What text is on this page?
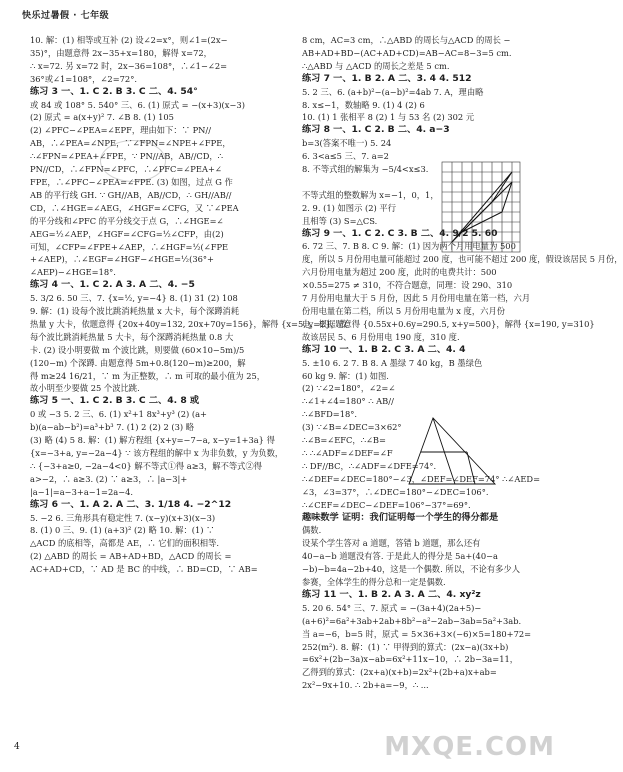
快乐过暑假 · 七年级
10. 解：(1) 相等或互补 (2) 设∠2=x°，则∠1=(2x−
35)°，由题意得 2x−35+x=180，解得 x=72，
∴ x=72. 另 x=72 时，2x−36=108°，∴∠1−∠2=
36°或∠1=108°，∠2=72°.
练习 3 一、1. C 2. B 3. C 二、4. 54°
或 84 或 108° 5. 540° 三、6. (1) 原式 = −(x+3)(x−3)
(2) 原式 = a(x+y)² 7. ∠B 8. (1) 105
(2) ∠PFC−∠PEA=∠EPF，理由如下：∵ PN//
AB，∴∠PEA=∠NPE，∵∠FPN=∠NPE+∠FPE，
∴∠FPN=∠PEA+∠FPE，∵ PN//AB，AB//CD，∴
PN//CD，∴∠FPN=∠PFC，∴∠PFC=∠PEA+∠
FPE，∴∠PFC−∠PEA=∠FPE. (3) 如图，过点 G 作
AB 的平行线 GH. ∵ GH//AB，AB//CD，∴ GH//AB//
CD，∴∠HGE=∠AEG，∠HGF=∠CFG，又 ∵∠PEA
的平分线和∠PFC 的平分线交于点 G，∴∠HGE=∠
AEG=½∠AEP，∠HGF=∠CFG=½∠CFP，由(2)
可知，∠CFP=∠FPE+∠AEP，∴∠HGF=½(∠FPE
+∠AEP)，∴∠EGF=∠HGF−∠HGE=½(36°+
∠AEP)−∠HGE=18°.
练习 4 一、1. C 2. A 3. A 二、4. −5
5. 3/2 6. 50 三、7. {x=½, y=−4} 8. (1) 31 (2) 108
9. 解：(1) 设每个波比跳消耗热量 x 大卡，每个深蹲消耗
热量 y 大卡，依题意得 {20x+40y=132, 20x+70y=156}，解得 {x=5, y=2}，故
每个波比跳消耗热量 5 大卡，每个深蹲消耗热量 0.8 大
卡. (2) 设小明要做 m 个波比跳，则要做 (60×10−5m)/5
(120−m) 个深蹲. 由题意得 5m+0.8(120−m)≥200，解
得 m≥24 16/21，∵ m 为正整数，∴ m 可取的最小值为 25，
故小明至少要做 25 个波比跳.
练习 5 一、1. C 2. B 3. C 二、4. 8 或
0 或 −3 5. 2 三、6. (1) x²+1 8x³+y³ (2) (a+
b)(a−ab−b²)=a³+b³ 7. (1) 2 (2) 2 (3) 略
(3) 略 (4) 5 8. 解：(1) 解方程组 {x+y=−7−a, x−y=1+3a} 得
{x=−3+a, y=−2a−4} ∵ 该方程组的解中 x 为非负数，y 为负数，
∴ {−3+a≥0, −2a−4<0} 解不等式①得 a≥3，解不等式②得
a>−2，∴ a≥3. (2) ∵ a≥3，∴ |a−3|+
|a−1|=a−3+a−1=2a−4.
练习 6 一、1. A 2. A 二、3. 1/18 4. −2^12
5. −2 6. 三角形具有稳定性 7. (x−y)(x+3)(x−3)
8. (1) 0 三、9. (1) (a+3)² (2) 略 10. 解：(1) ∵
△ACD 的底相等，高都是 AE，∴ 它们的面积相等.
(2) △ABD 的周长 = AB+AD+BD，△ACD 的周长 =
AC+AD+CD，∵ AD 是 BC 的中线，∴ BD=CD，∵ AB=
8 cm，AC=3 cm，∴△ABD 的周长与△ACD 的周长 −
AB+AD+BD−(AC+AD+CD)=AB−AC=8−3=5 cm.
∴△ABD 与 △ACD 的周长之差是 5 cm.
练习 7 一、1. B 2. A 二、3. 4 4. 512
5. 2 三、6. (a+b)²−(a−b)²=4ab 7. A，理由略
8. x≤−1，数轴略 9. (1) 4 (2) 6
10. (1) 1 张相平 8 (2) 1 与 53 名 (2) 302 元
练习 8 一、1. C 2. B 二、4. a−3
b=3(答案不唯一) 5. 24
6. 3<a≤5 三、7. a=2
8. 不等式组的解集为 −5/4<x≤3.
不等式组的整数解为 x=−1，0，1，
2. 9. (1) 如图示 (2) 平行
且相等 (3) S=△CS.
练习 9 一、1. C 2. C 3. B 二、4. 9/2 5. 60
6. 72 三、7. B 8. C 9. 解：(1) 因为两个月用电量为 500
度，所以 5 月份用电量可能超过 200 度，也可能不超过 200 度，假设该居民 5 月份，
六月份用电量为超过 200 度，此时的电费共计：500
×0.55=275 ≠ 310，不符合题意，同理：设 290、310
7 月份用电量大于 5 月份，因此 5 月份用电量在第一档，六月
份用电量在第二档，所以 5 月份用电量为 x 度，六月份
电，根据题意得 {0.55x+0.6y=290.5, x+y=500}，解得 {x=190, y=310}
故该居民 5、6 月份用电 190 度，310 度.
练习 10 一、1. B 2. C 3. A 二、4. 4
5. ±10 6. 2 7. B 8. A 墨绿 7 40 kg，B 墨绿色
60 kg 9. 解：(1) 如图.
(2) ∵∠2=180°，∠2=∠
∴∠1+∠4=180° ∴ AB//
∴∠BFD=18°.
(3) ∵∠B=∠DEC=3×62°
∴∠B=∠EFC，∴∠B=
∴ ∴∠ADF=∠DEF=∠F
∴ DF//BC，∴∠ADF=∠DFE=74°.
∴∠DEF=∠DEC=180°−∠3，∠DEF=∠DEF=74° ∴∠AED=
∠3，∠3=37°，∴∠DEC=180°−∠DEC=106°.
∴∠CEF=∠DEC−∠DEF=106°−37°=69°.
趣味数学 证明：我们证明每一个学生的得分都是
偶数.
设某个学生答对 a 道题，答错 b 道题，那么还有
40−a−b 道题没有答. 于是此人的得分是 5a+(40−a
−b)−b=4a−2b+40，这是一个偶数. 所以，不论有多少人
参赛，全体学生的得分总和一定是偶数.
练习 11 一、1. B 2. A 3. A 二、4. xy²z
5. 20 6. 54° 三、7. 原式 = −(3a+4)(2a+5)−
(a+6)²=6a²+3ab+2ab+8b²−a²−2ab−3ab=5a²+3ab.
当 a=−6，b=5 时，原式 = 5×36+3×(−6)×5=180+72=
252(m²). 8. 解：(1) ∵ 甲得到的算式：(2x−a)(3x+b)
=6x²+(2b−3a)x−ab=6x²+11x−10，∴ 2b−3a=11，
乙得到的算式：(2x+a)(x+b)=2x²+(2b+a)x+ab=
2x²−9x+10. ∴ 2b+a=−9，∴ ...
4	MXQE.COM
